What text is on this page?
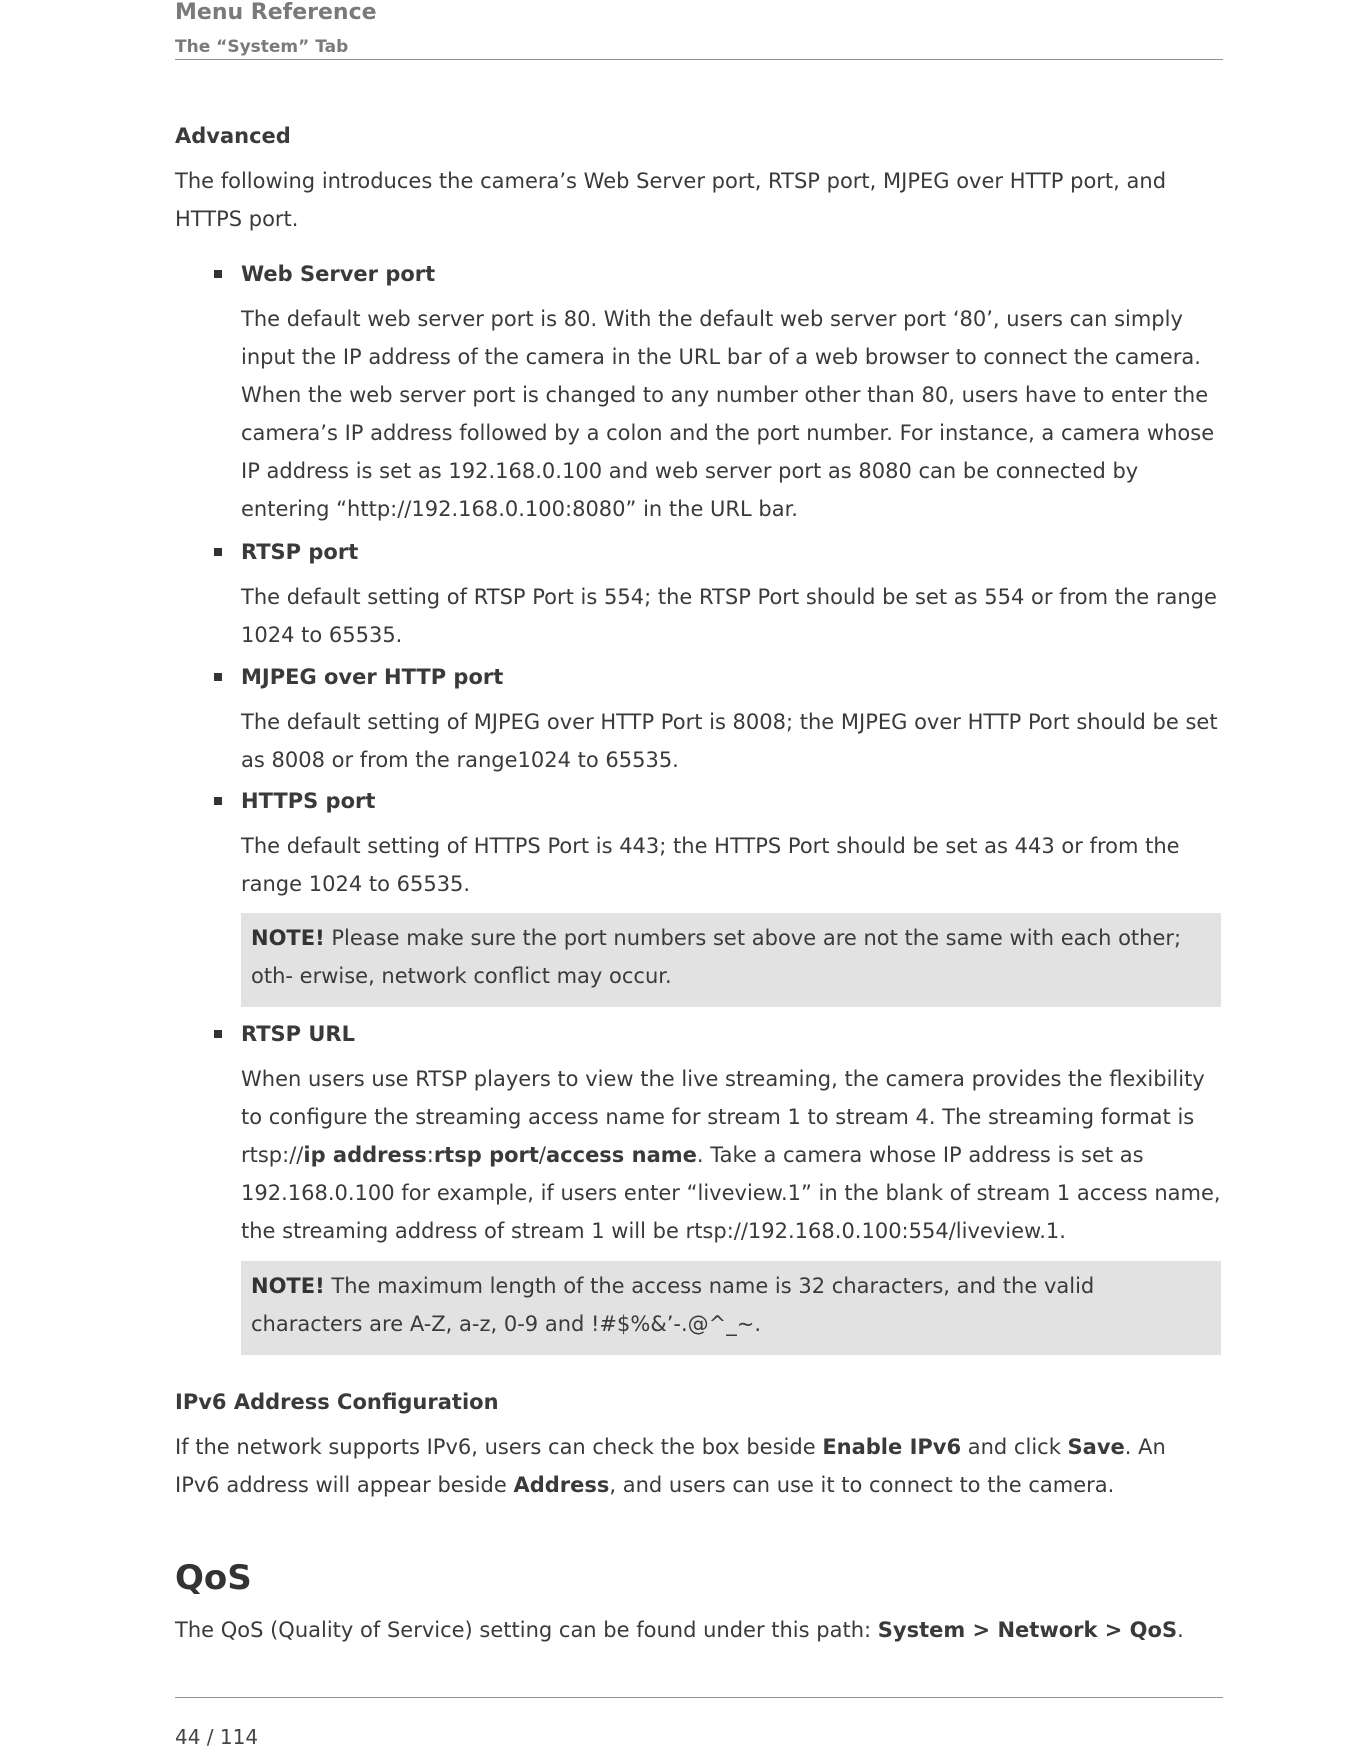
Menu Reference
The “System” Tab
Advanced
The following introduces the camera’s Web Server port, RTSP port, MJPEG over HTTP port, and HTTPS port.
Web Server port
The default web server port is 80. With the default web server port ‘80’, users can simply input the IP address of the camera in the URL bar of a web browser to connect the camera. When the web server port is changed to any number other than 80, users have to enter the camera’s IP address followed by a colon and the port number. For instance, a camera whose IP address is set as 192.168.0.100 and web server port as 8080 can be connected by entering “http://192.168.0.100:8080” in the URL bar.
RTSP port
The default setting of RTSP Port is 554; the RTSP Port should be set as 554 or from the range 1024 to 65535.
MJPEG over HTTP port
The default setting of MJPEG over HTTP Port is 8008; the MJPEG over HTTP Port should be set as 8008 or from the range1024 to 65535.
HTTPS port
The default setting of HTTPS Port is 443; the HTTPS Port should be set as 443 or from the range 1024 to 65535.
NOTE! Please make sure the port numbers set above are not the same with each other; oth- erwise, network conflict may occur.
RTSP URL
When users use RTSP players to view the live streaming, the camera provides the flexibility to configure the streaming access name for stream 1 to stream 4. The streaming format is rtsp://ip address:rtsp port/access name. Take a camera whose IP address is set as 192.168.0.100 for example, if users enter “liveview.1” in the blank of stream 1 access name, the streaming address of stream 1 will be rtsp://192.168.0.100:554/liveview.1.
NOTE! The maximum length of the access name is 32 characters, and the valid characters are A-Z, a-z, 0-9 and !#$%&’-.@^_~.
IPv6 Address Configuration
If the network supports IPv6, users can check the box beside Enable IPv6 and click Save. An IPv6 address will appear beside Address, and users can use it to connect to the camera.
QoS
The QoS (Quality of Service) setting can be found under this path: System > Network > QoS.
44 / 114
